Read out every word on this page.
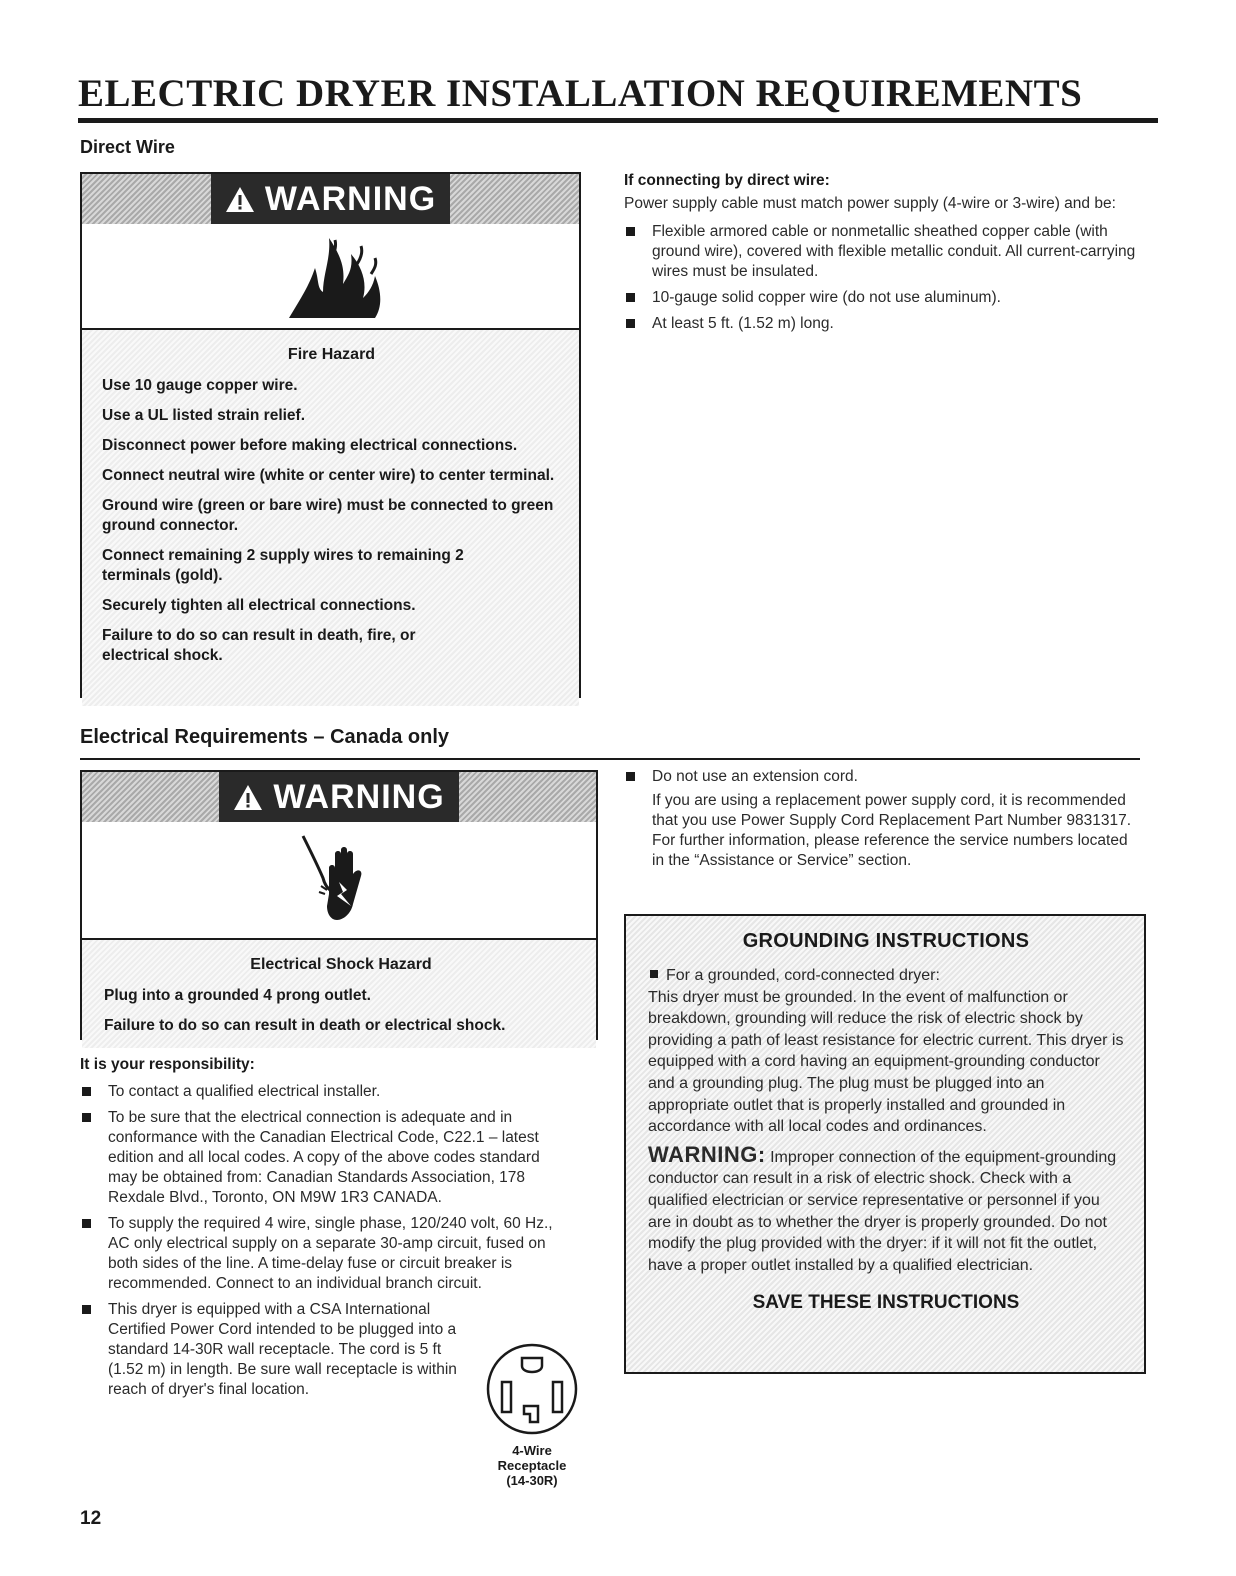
ELECTRIC DRYER INSTALLATION REQUIREMENTS
Direct Wire
WARNING

Fire Hazard

Use 10 gauge copper wire.

Use a UL listed strain relief.

Disconnect power before making electrical connections.

Connect neutral wire (white or center wire) to center terminal.

Ground wire (green or bare wire) must be connected to green ground connector.

Connect remaining 2 supply wires to remaining 2 terminals (gold).

Securely tighten all electrical connections.

Failure to do so can result in death, fire, or electrical shock.

If connecting by direct wire:

Power supply cable must match power supply (4-wire or 3-wire) and be:

Flexible armored cable or nonmetallic sheathed copper cable (with ground wire), covered with flexible metallic conduit. All current-carrying wires must be insulated.
10-gauge solid copper wire (do not use aluminum).
At least 5 ft. (1.52 m) long.
Electrical Requirements – Canada only
WARNING

Electrical Shock Hazard

Plug into a grounded 4 prong outlet.

Failure to do so can result in death or electrical shock.

It is your responsibility:

To contact a qualified electrical installer.
To be sure that the electrical connection is adequate and in conformance with the Canadian Electrical Code, C22.1 – latest edition and all local codes. A copy of the above codes standard may be obtained from: Canadian Standards Association, 178 Rexdale Blvd., Toronto, ON M9W 1R3 CANADA.
To supply the required 4 wire, single phase, 120/240 volt, 60 Hz., AC only electrical supply on a separate 30-amp circuit, fused on both sides of the line. A time-delay fuse or circuit breaker is recommended. Connect to an individual branch circuit.
This dryer is equipped with a CSA International Certified Power Cord intended to be plugged into a standard 14-30R wall receptacle. The cord is 5 ft (1.52 m) in length. Be sure wall receptacle is within reach of dryer's final location.
4-Wire
Receptacle
(14-30R)
Do not use an extension cord.

If you are using a replacement power supply cord, it is recommended that you use Power Supply Cord Replacement Part Number 9831317. For further information, please reference the service numbers located in the “Assistance or Service” section.

GROUNDING INSTRUCTIONS

For a grounded, cord-connected dryer:

This dryer must be grounded. In the event of malfunction or breakdown, grounding will reduce the risk of electric shock by providing a path of least resistance for electric current. This dryer is equipped with a cord having an equipment-grounding conductor and a grounding plug. The plug must be plugged into an appropriate outlet that is properly installed and grounded in accordance with all local codes and ordinances.

WARNING: Improper connection of the equipment-grounding conductor can result in a risk of electric shock. Check with a qualified electrician or service representative or personnel if you are in doubt as to whether the dryer is properly grounded. Do not modify the plug provided with the dryer: if it will not fit the outlet, have a proper outlet installed by a qualified electrician.

SAVE THESE INSTRUCTIONS
12
